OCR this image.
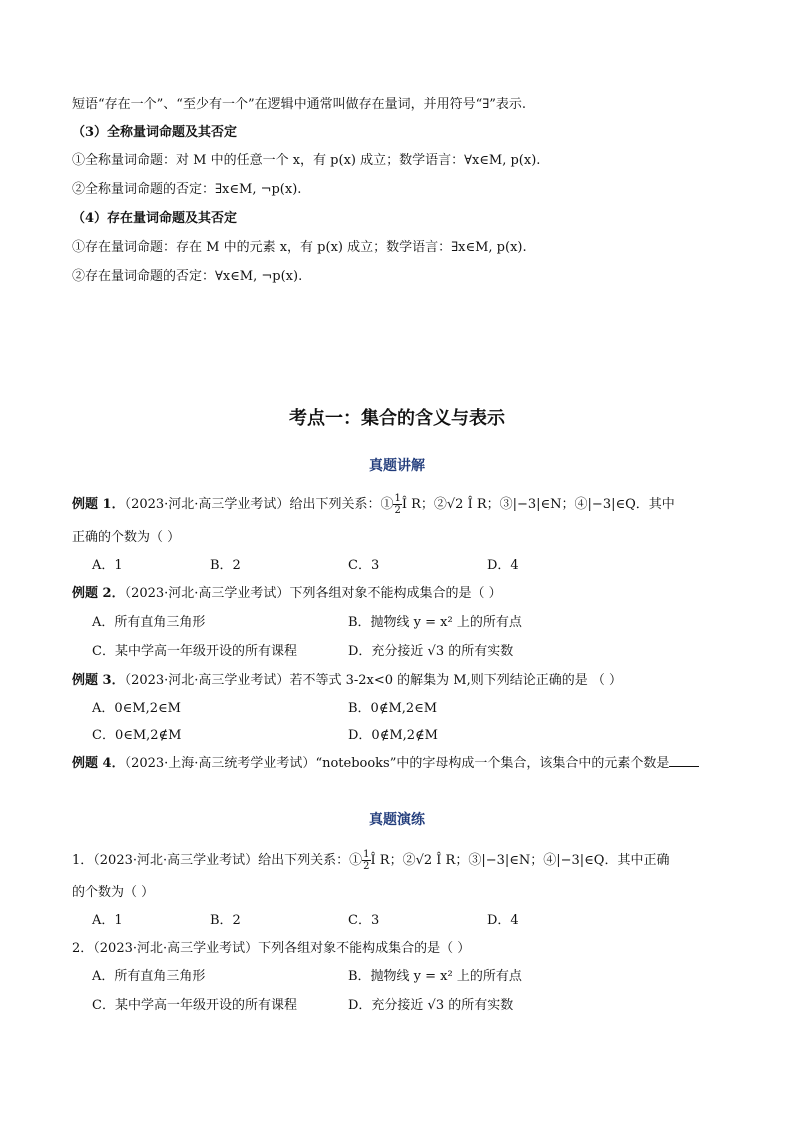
短语“存在一个”、“至少有一个”在逻辑中通常叫做存在量词，并用符号“∃”表示.
（3）全称量词命题及其否定
①全称量词命题：对 M 中的任意一个 x，有 p(x) 成立；数学语言：∀x∈M, p(x).
②全称量词命题的否定：∃x∈M, ¬p(x).
（4）存在量词命题及其否定
①存在量词命题：存在 M 中的元素 x，有 p(x) 成立；数学语言：∃x∈M, p(x).
②存在量词命题的否定：∀x∈M, ¬p(x).
考点一：集合的含义与表示
真题讲解
例题 1．（2023·河北·高三学业考试）给出下列关系：① $\frac{1}{2}$ Î R；②√2 Î R；③|−3|∈N；④|−3|∈Q．其中
正确的个数为（ ）
A．1	B．2	C．3	D．4
例题 2．（2023·河北·高三学业考试）下列各组对象不能构成集合的是（ ）
A．所有直角三角形	B．抛物线 y = x² 上的所有点
C．某中学高一年级开设的所有课程	D．充分接近 √3 的所有实数
例题 3．（2023·河北·高三学业考试）若不等式 3-2x<0 的解集为 M,则下列结论正确的是 （ ）
A．0∈M,2∈M	B．0∉M,2∈M
C．0∈M,2∉M	D．0∉M,2∉M
例题 4．（2023·上海·高三统考学业考试）“notebooks”中的字母构成一个集合，该集合中的元素个数是
真题演练
1．（2023·河北·高三学业考试）给出下列关系：① $\frac{1}{2}$ Î R；②√2 Î R；③|−3|∈N；④|−3|∈Q．其中正确
的个数为（ ）
A．1	B．2	C．3	D．4
2．（2023·河北·高三学业考试）下列各组对象不能构成集合的是（ ）
A．所有直角三角形	B．抛物线 y = x² 上的所有点
C．某中学高一年级开设的所有课程	D．充分接近 √3 的所有实数
